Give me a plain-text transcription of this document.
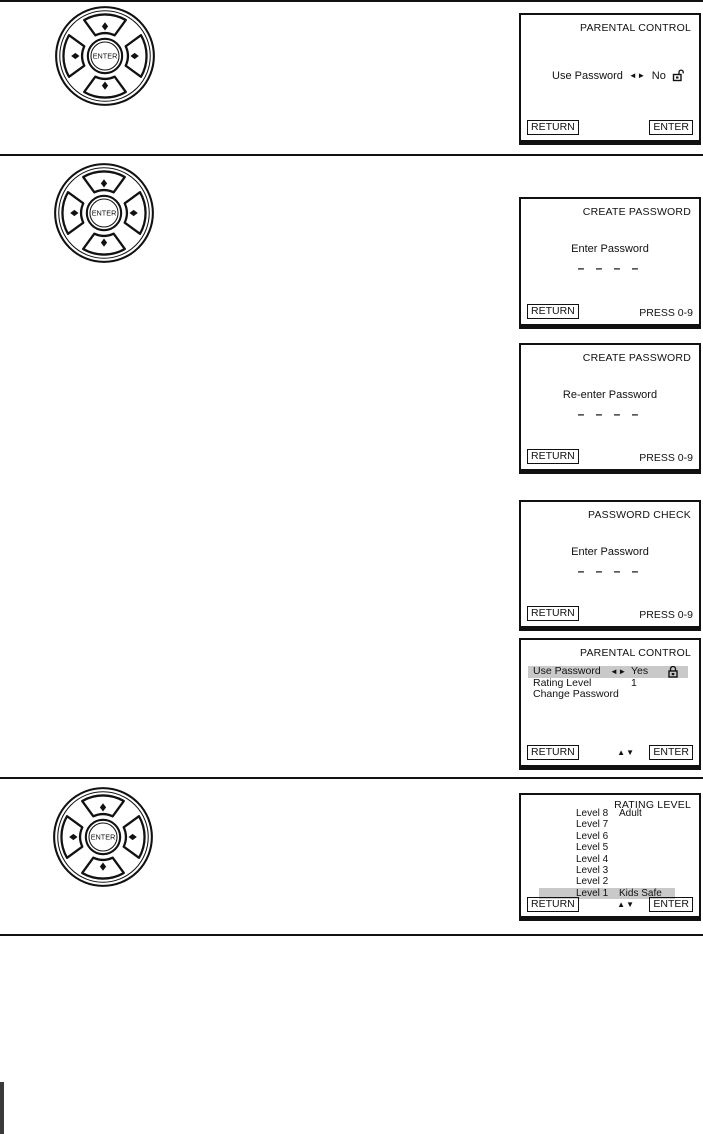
ENTER
ENTER
ENTER
PARENTAL CONTROL
Use Password ◄► No
RETURN	ENTER
CREATE PASSWORD
Enter Password
– – – –
RETURN	PRESS 0-9
CREATE PASSWORD
Re-enter Password
– – – –
RETURN	PRESS 0-9
PASSWORD CHECK
Enter Password
– – – –
RETURN	PRESS 0-9
PARENTAL CONTROL
Use Password	◄► Yes
Rating Level	1
Change Password
RETURN	▲▼	ENTER
RATING LEVEL
Level 8	Adult
Level 7
Level 6
Level 5
Level 4
Level 3
Level 2
Level 1	Kids Safe
RETURN	▲▼	ENTER
